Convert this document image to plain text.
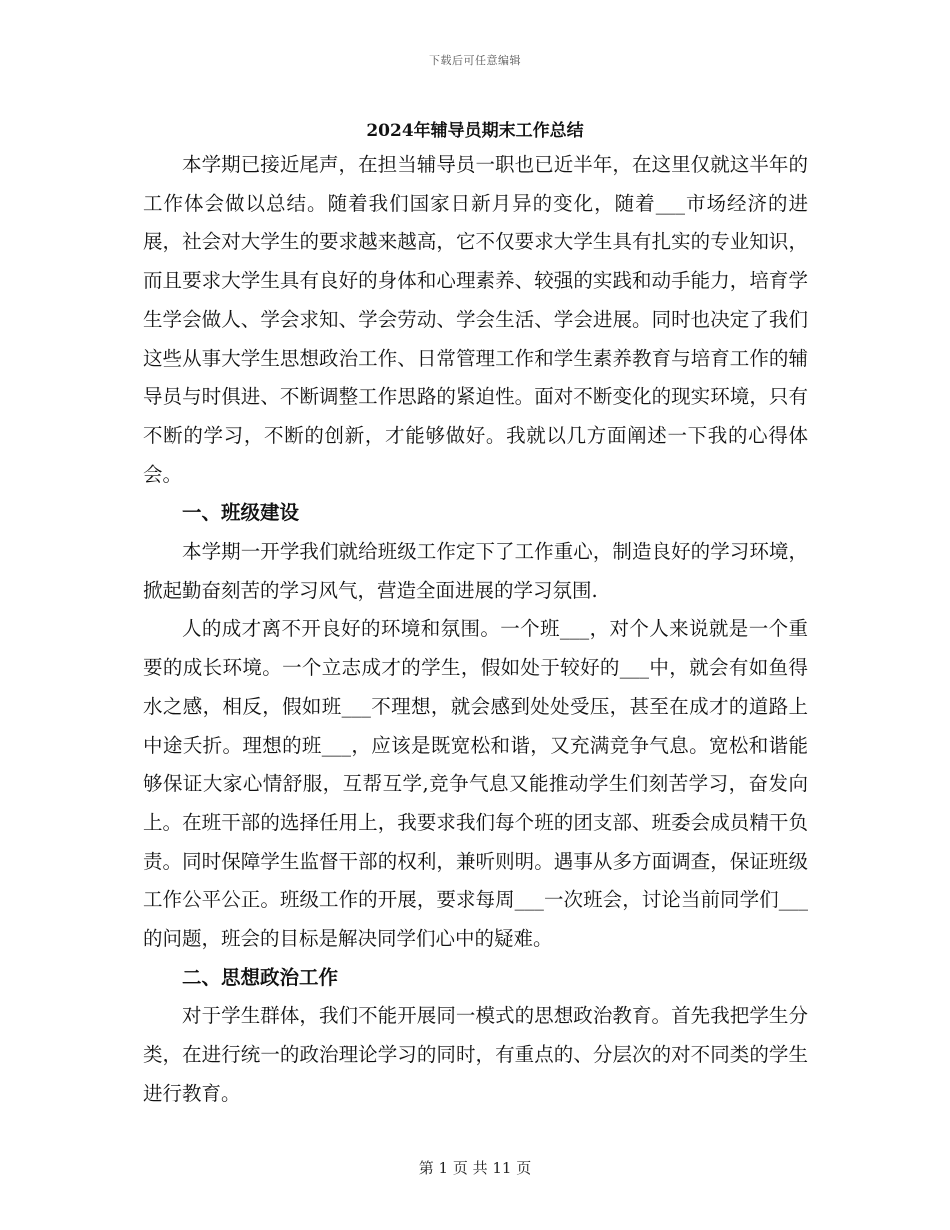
下载后可任意编辑
2024年辅导员期末工作总结

本学期已接近尾声，在担当辅导员一职也已近半年，在这里仅就这半年的工作体会做以总结。随着我们国家日新月异的变化，随着___市场经济的进展，社会对大学生的要求越来越高，它不仅要求大学生具有扎实的专业知识，而且要求大学生具有良好的身体和心理素养、较强的实践和动手能力，培育学生学会做人、学会求知、学会劳动、学会生活、学会进展。同时也决定了我们这些从事大学生思想政治工作、日常管理工作和学生素养教育与培育工作的辅导员与时俱进、不断调整工作思路的紧迫性。面对不断变化的现实环境，只有不断的学习，不断的创新，才能够做好。我就以几方面阐述一下我的心得体会。

一、班级建设

本学期一开学我们就给班级工作定下了工作重心，制造良好的学习环境，掀起勤奋刻苦的学习风气，营造全面进展的学习氛围.

人的成才离不开良好的环境和氛围。一个班___，对个人来说就是一个重要的成长环境。一个立志成才的学生，假如处于较好的___中，就会有如鱼得水之感，相反，假如班___不理想，就会感到处处受压，甚至在成才的道路上中途夭折。理想的班___，应该是既宽松和谐，又充满竞争气息。宽松和谐能够保证大家心情舒服，互帮互学,竞争气息又能推动学生们刻苦学习，奋发向上。在班干部的选择任用上，我要求我们每个班的团支部、班委会成员精干负责。同时保障学生监督干部的权利，兼听则明。遇事从多方面调查，保证班级工作公平公正。班级工作的开展，要求每周___一次班会，讨论当前同学们___的问题，班会的目标是解决同学们心中的疑难。

二、思想政治工作

对于学生群体，我们不能开展同一模式的思想政治教育。首先我把学生分类，在进行统一的政治理论学习的同时，有重点的、分层次的对不同类的学生进行教育。

第 1 页 共 11 页
